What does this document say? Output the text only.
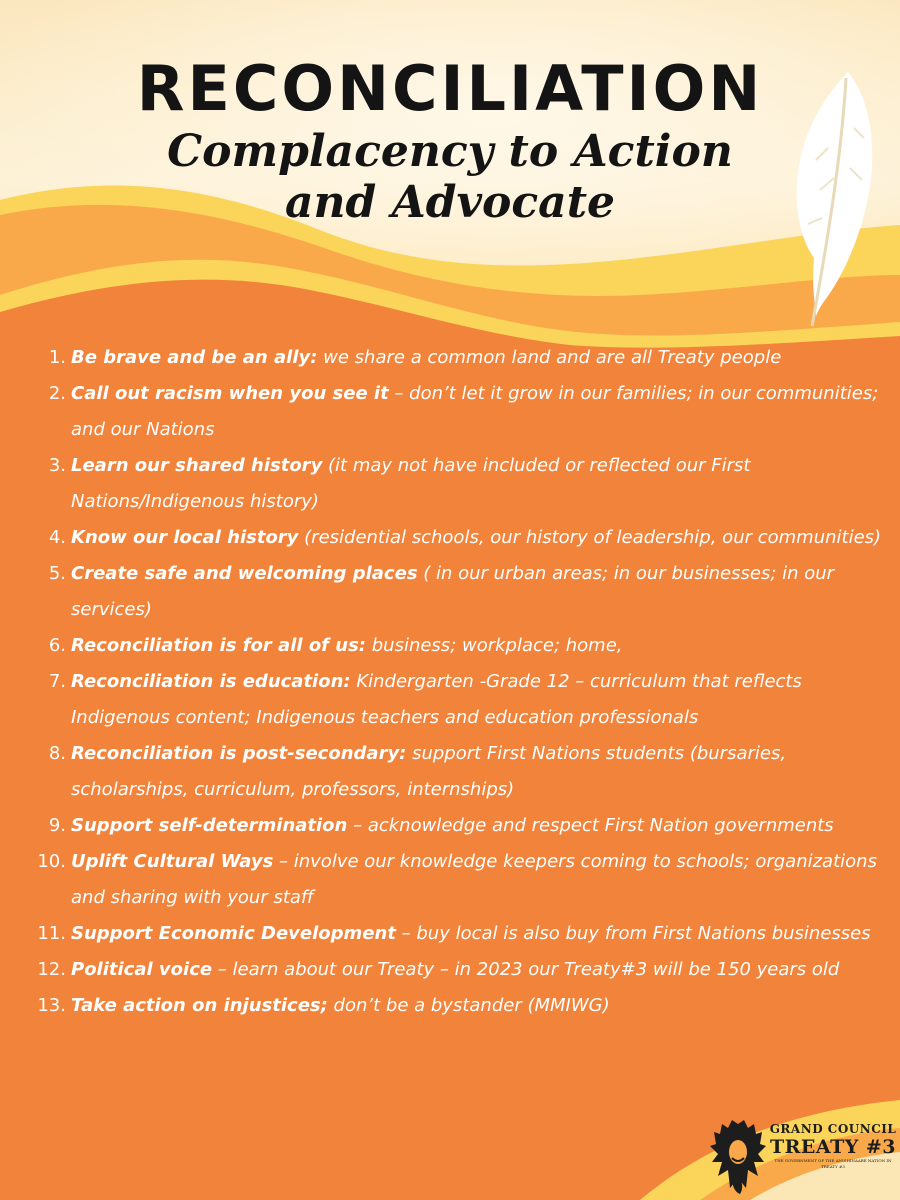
RECONCILIATION
Complacency to Action and Advocate
1. Be brave and be an ally: we share a common land and are all Treaty people
2. Call out racism when you see it – don’t let it grow in our families; in our communities; and our Nations
3. Learn our shared history (it may not have included or reflected our First Nations/Indigenous history)
4. Know our local history (residential schools, our history of leadership, our communities)
5. Create safe and welcoming places ( in our urban areas; in our businesses; in our services)
6. Reconciliation is for all of us: business; workplace; home,
7. Reconciliation is education: Kindergarten -Grade 12 – curriculum that reflects Indigenous content; Indigenous teachers and education professionals
8. Reconciliation is post-secondary: support First Nations students (bursaries, scholarships, curriculum, professors, internships)
9. Support self-determination – acknowledge and respect First Nation governments
10. Uplift Cultural Ways – involve our knowledge keepers coming to schools; organizations and sharing with your staff
11. Support Economic Development – buy local is also buy from First Nations businesses
12. Political voice – learn about our Treaty – in 2023 our Treaty#3 will be 150 years old
13. Take action on injustices; don’t be a bystander (MMIWG)
GRAND COUNCIL
TREATY #3
THE GOVERNMENT OF THE ANISHINAABE NATION IN TREATY #3
